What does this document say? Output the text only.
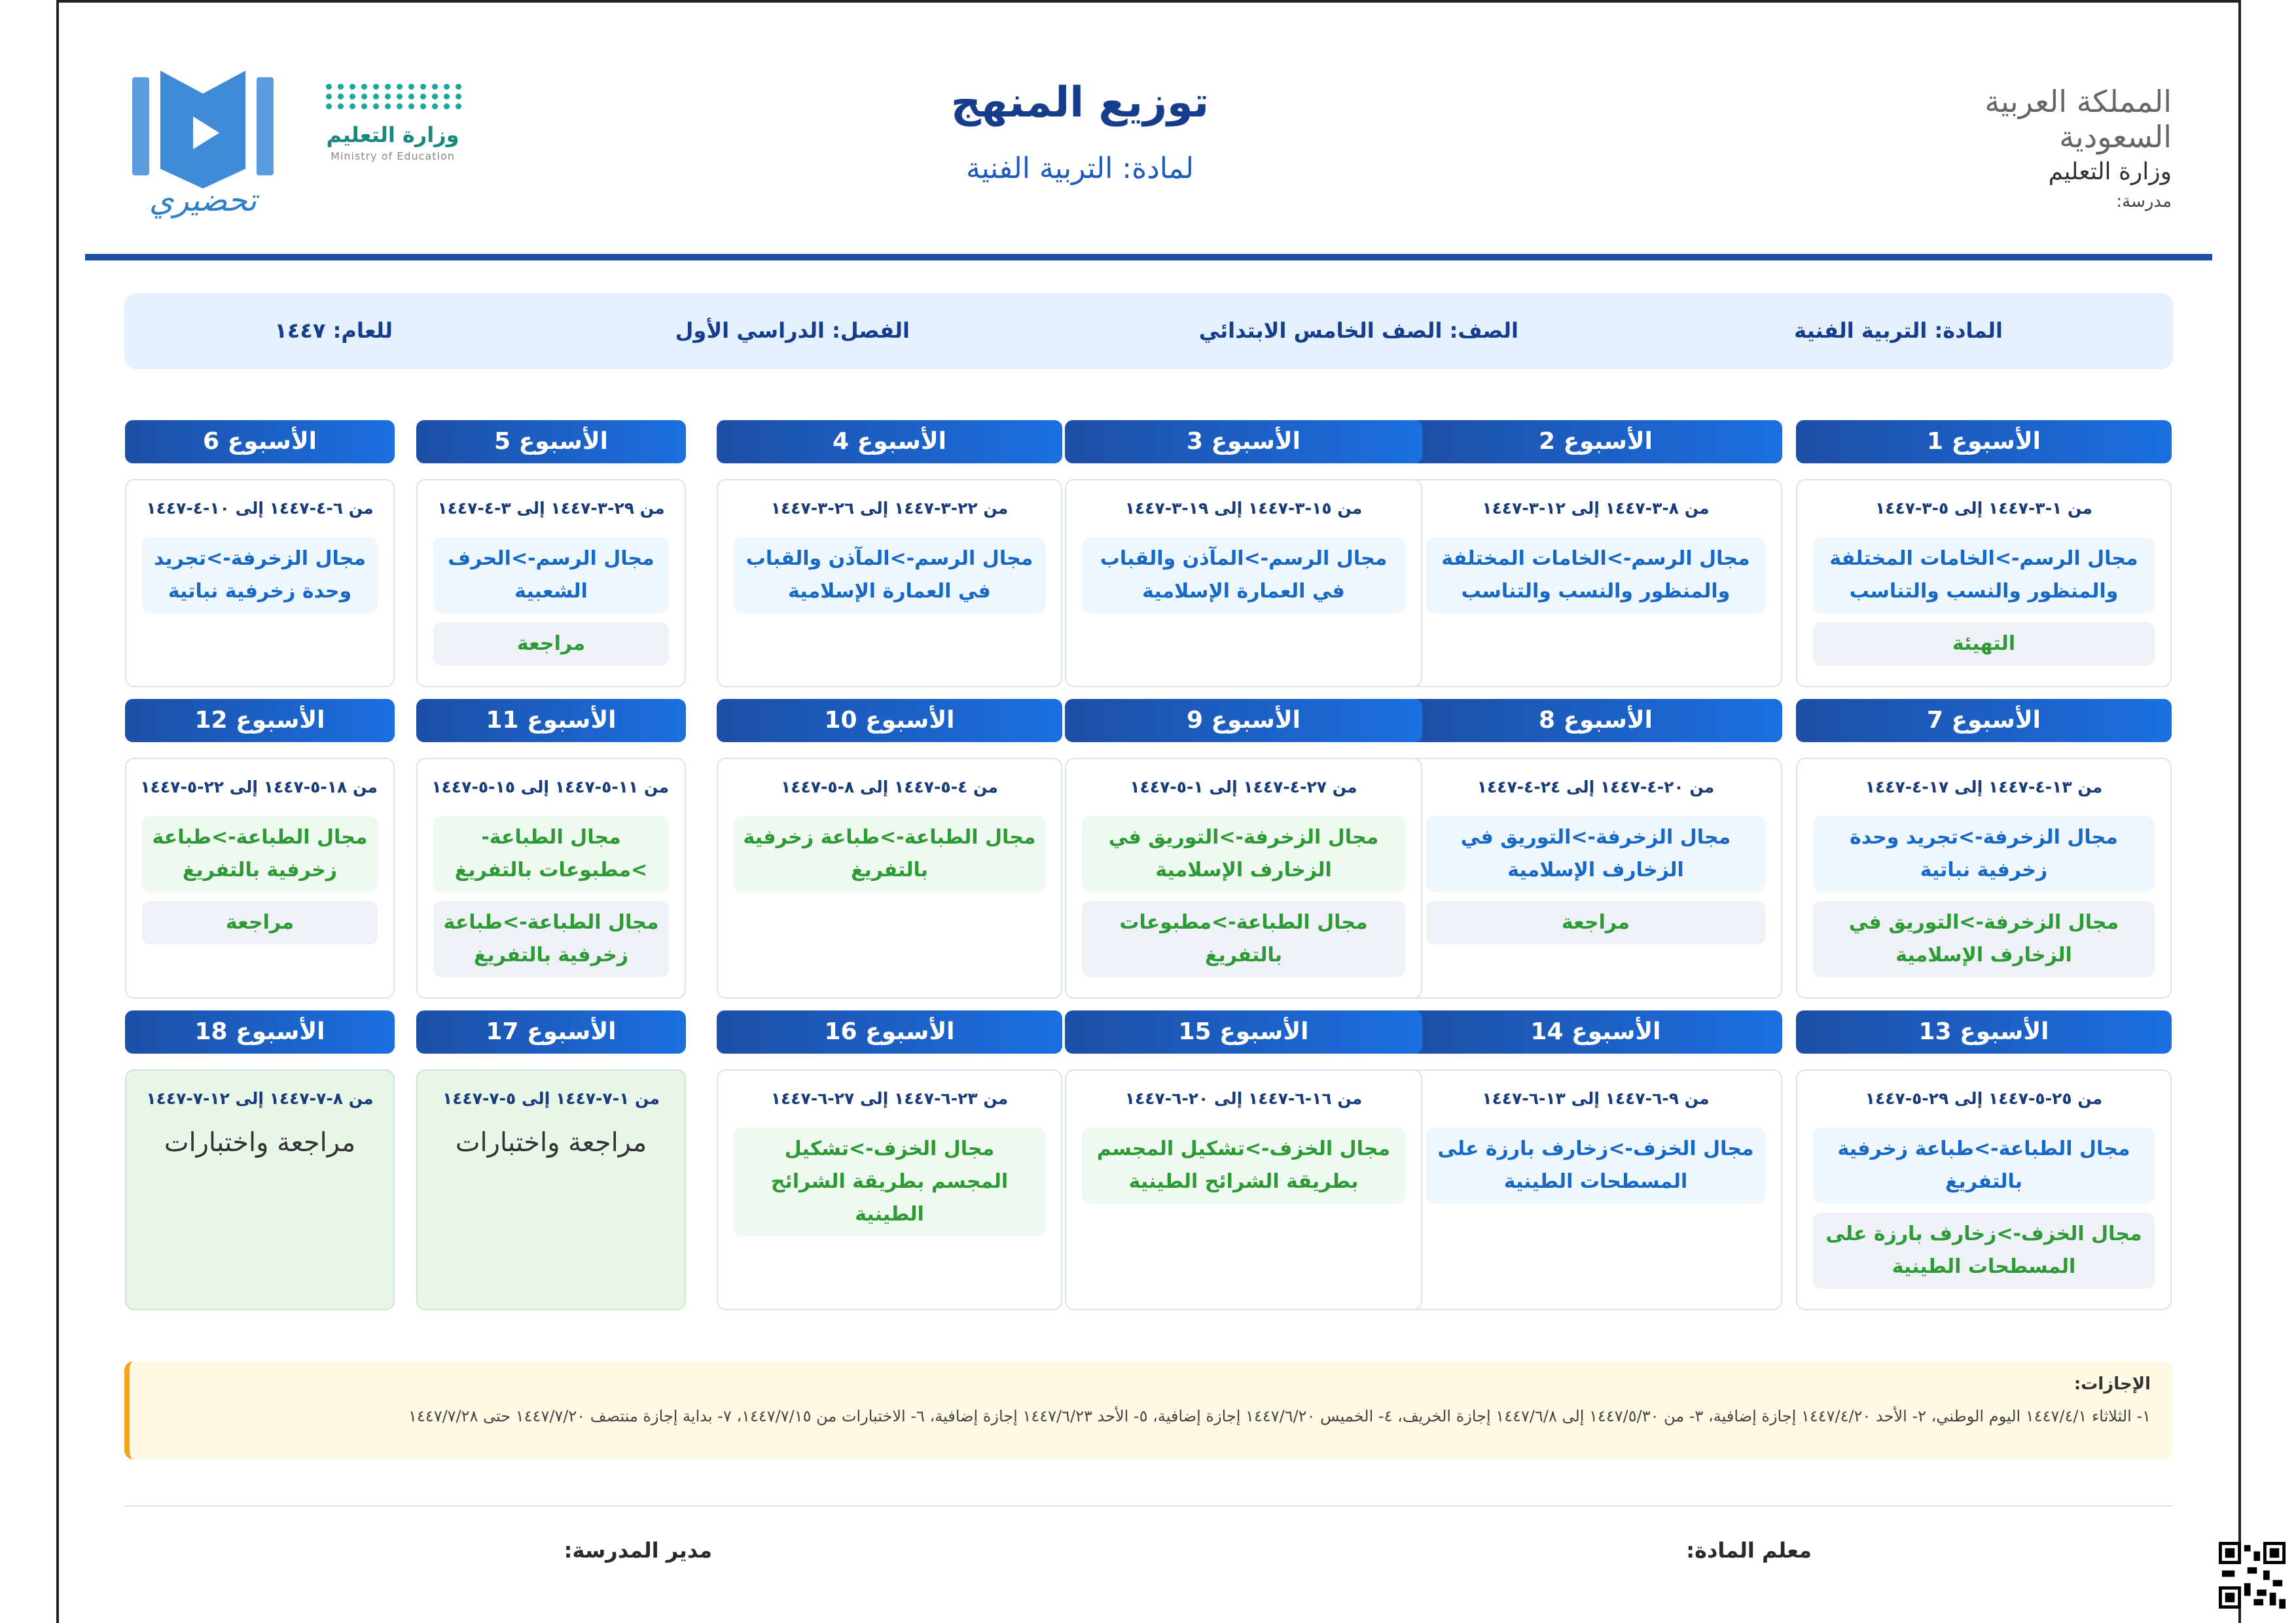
المملكة العربية السعودية
وزارة التعليم
مدرسة:
توزيع المنهج
لمادة: التربية الفنية
وزارة التعليم
Ministry of Education
تحضيري
المادة: التربية الفنية
الصف: الصف الخامس الابتدائي
الفصل: الدراسي الأول
للعام: ١٤٤٧
الأسبوع 1
من ١-٣-١٤٤٧ إلى ٥-٣-١٤٤٧
مجال الرسم->الخامات المختلفة والمنظور والنسب والتناسب
التهيئة
الأسبوع 2
من ٨-٣-١٤٤٧ إلى ١٢-٣-١٤٤٧
مجال الرسم->الخامات المختلفة والمنظور والنسب والتناسب
الأسبوع 3
من ١٥-٣-١٤٤٧ إلى ١٩-٣-١٤٤٧
مجال الرسم->المآذن والقباب في العمارة الإسلامية
الأسبوع 4
من ٢٢-٣-١٤٤٧ إلى ٢٦-٣-١٤٤٧
مجال الرسم->المآذن والقباب في العمارة الإسلامية
الأسبوع 5
من ٢٩-٣-١٤٤٧ إلى ٣-٤-١٤٤٧
مجال الرسم->الحرف الشعبية
مراجعة
الأسبوع 6
من ٦-٤-١٤٤٧ إلى ١٠-٤-١٤٤٧
مجال الزخرفة->تجريد وحدة زخرفية نباتية
الأسبوع 7
من ١٣-٤-١٤٤٧ إلى ١٧-٤-١٤٤٧
مجال الزخرفة->تجريد وحدة زخرفية نباتية
مجال الزخرفة->التوريق في الزخارف الإسلامية
الأسبوع 8
من ٢٠-٤-١٤٤٧ إلى ٢٤-٤-١٤٤٧
مجال الزخرفة->التوريق في الزخارف الإسلامية
مراجعة
الأسبوع 9
من ٢٧-٤-١٤٤٧ إلى ١-٥-١٤٤٧
مجال الزخرفة->التوريق في الزخارف الإسلامية
مجال الطباعة->مطبوعات بالتفريغ
الأسبوع 10
من ٤-٥-١٤٤٧ إلى ٨-٥-١٤٤٧
مجال الطباعة->طباعة زخرفية بالتفريغ
الأسبوع 11
من ١١-٥-١٤٤٧ إلى ١٥-٥-١٤٤٧
مجال الطباعة->مطبوعات بالتفريغ
مجال الطباعة->طباعة زخرفية بالتفريغ
الأسبوع 12
من ١٨-٥-١٤٤٧ إلى ٢٢-٥-١٤٤٧
مجال الطباعة->طباعة زخرفية بالتفريغ
مراجعة
الأسبوع 13
من ٢٥-٥-١٤٤٧ إلى ٢٩-٥-١٤٤٧
مجال الطباعة->طباعة زخرفية بالتفريغ
مجال الخزف->زخارف بارزة على المسطحات الطينية
الأسبوع 14
من ٩-٦-١٤٤٧ إلى ١٣-٦-١٤٤٧
مجال الخزف->زخارف بارزة على المسطحات الطينية
الأسبوع 15
من ١٦-٦-١٤٤٧ إلى ٢٠-٦-١٤٤٧
مجال الخزف->تشكيل المجسم بطريقة الشرائح الطينية
الأسبوع 16
من ٢٣-٦-١٤٤٧ إلى ٢٧-٦-١٤٤٧
مجال الخزف->تشكيل المجسم بطريقة الشرائح الطينية
الأسبوع 17
من ١-٧-١٤٤٧ إلى ٥-٧-١٤٤٧
مراجعة واختبارات
الأسبوع 18
من ٨-٧-١٤٤٧ إلى ١٢-٧-١٤٤٧
مراجعة واختبارات
الإجازات:
١- الثلاثاء ١٤٤٧/٤/١ اليوم الوطني، ٢- الأحد ١٤٤٧/٤/٢٠ إجازة إضافية، ٣- من ١٤٤٧/٥/٣٠ إلى ١٤٤٧/٦/٨ إجازة الخريف، ٤- الخميس ١٤٤٧/٦/٢٠ إجازة إضافية، ٥- الأحد ١٤٤٧/٦/٢٣ إجازة إضافية، ٦- الاختبارات من ١٤٤٧/٧/١٥، ٧- بداية إجازة منتصف ١٤٤٧/٧/٢٠ حتى ١٤٤٧/٧/٢٨
معلم المادة:
مدير المدرسة:
